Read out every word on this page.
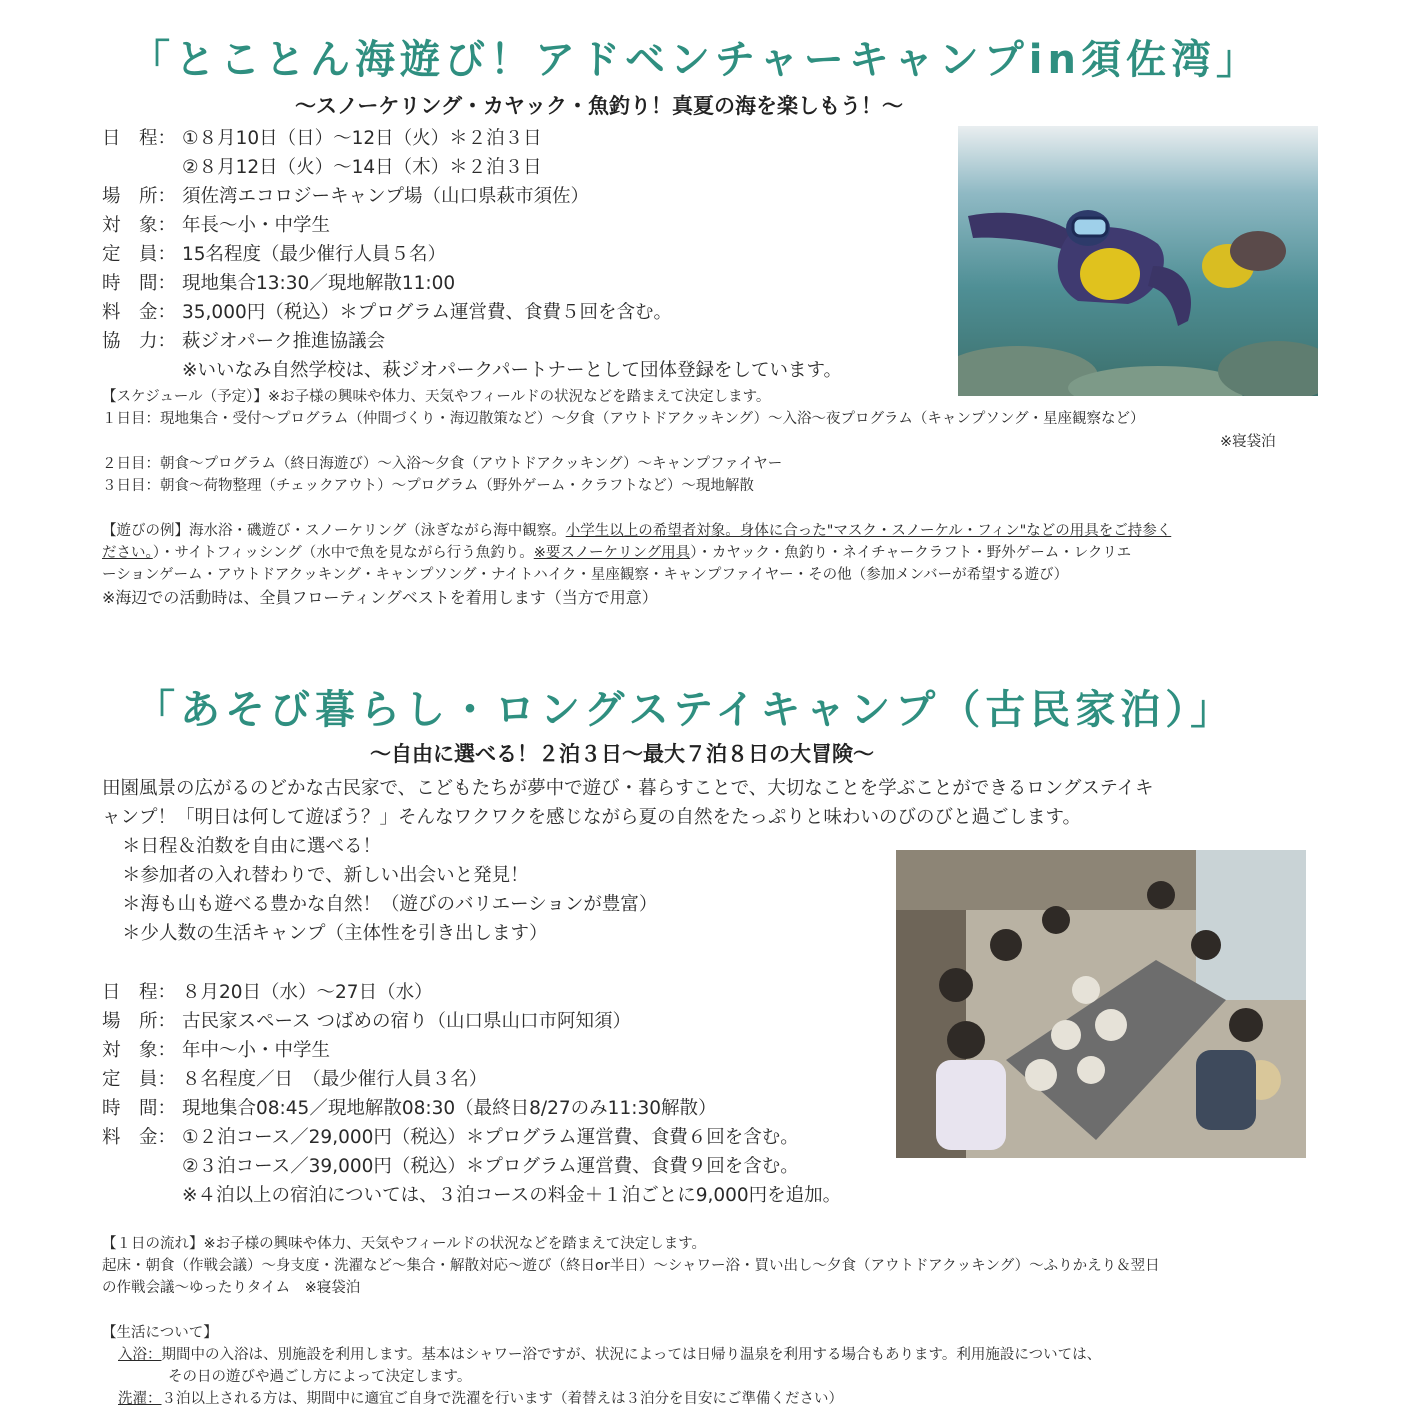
「とことん海遊び！アドベンチャーキャンプin須佐湾」
〜スノーケリング・カヤック・魚釣り！真夏の海を楽しもう！〜
日　程： ①８月10日（日）〜12日（火）＊２泊３日
②８月12日（火）〜14日（木）＊２泊３日
場　所： 須佐湾エコロジーキャンプ場（山口県萩市須佐）
対　象： 年長〜小・中学生
定　員： 15名程度（最少催行人員５名）
時　間： 現地集合13:30／現地解散11:00
料　金： 35,000円（税込）＊プログラム運営費、食費５回を含む。
協　力： 萩ジオパーク推進協議会
※いいなみ自然学校は、萩ジオパークパートナーとして団体登録をしています。
【スケジュール（予定）】※お子様の興味や体力、天気やフィールドの状況などを踏まえて決定します。
１日目：現地集合・受付〜プログラム（仲間づくり・海辺散策など）〜夕食（アウトドアクッキング）〜入浴〜夜プログラム（キャンプソング・星座観察など）
※寝袋泊
２日目：朝食〜プログラム（終日海遊び）〜入浴〜夕食（アウトドアクッキング）〜キャンプファイヤー
３日目：朝食〜荷物整理（チェックアウト）〜プログラム（野外ゲーム・クラフトなど）〜現地解散
【遊びの例】海水浴・磯遊び・スノーケリング（泳ぎながら海中観察。小学生以上の希望者対象。身体に合った"マスク・スノーケル・フィン"などの用具をご持参く
ださい。）・サイトフィッシング（水中で魚を見ながら行う魚釣り。※要スノーケリング用具）・カヤック・魚釣り・ネイチャークラフト・野外ゲーム・レクリエ
ーションゲーム・アウトドアクッキング・キャンプソング・ナイトハイク・星座観察・キャンプファイヤー・その他（参加メンバーが希望する遊び）
※海辺での活動時は、全員フローティングベストを着用します（当方で用意）
「あそび暮らし・ロングステイキャンプ（古民家泊）」
〜自由に選べる！２泊３日〜最大７泊８日の大冒険〜
田園風景の広がるのどかな古民家で、こどもたちが夢中で遊び・暮らすことで、大切なことを学ぶことができるロングステイキ
ャンプ！「明日は何して遊ぼう？」そんなワクワクを感じながら夏の自然をたっぷりと味わいのびのびと過ごします。
＊日程＆泊数を自由に選べる！
＊参加者の入れ替わりで、新しい出会いと発見！
＊海も山も遊べる豊かな自然！（遊びのバリエーションが豊富）
＊少人数の生活キャンプ（主体性を引き出します）
日　程： ８月20日（水）〜27日（水）
場　所： 古民家スペース つばめの宿り（山口県山口市阿知須）
対　象： 年中〜小・中学生
定　員： ８名程度／日　（最少催行人員３名）
時　間： 現地集合08:45／現地解散08:30（最終日8/27のみ11:30解散）
料　金： ①２泊コース／29,000円（税込）＊プログラム運営費、食費６回を含む。
②３泊コース／39,000円（税込）＊プログラム運営費、食費９回を含む。
※４泊以上の宿泊については、３泊コースの料金＋１泊ごとに9,000円を追加。
【１日の流れ】※お子様の興味や体力、天気やフィールドの状況などを踏まえて決定します。
起床・朝食（作戦会議）〜身支度・洗濯など〜集合・解散対応〜遊び（終日or半日）〜シャワー浴・買い出し〜夕食（アウトドアクッキング）〜ふりかえり＆翌日
の作戦会議〜ゆったりタイム　※寝袋泊
【生活について】
入浴：期間中の入浴は、別施設を利用します。基本はシャワー浴ですが、状況によっては日帰り温泉を利用する場合もあります。利用施設については、
その日の遊びや過ごし方によって決定します。
洗濯：３泊以上される方は、期間中に適宜ご自身で洗濯を行います（着替えは３泊分を目安にご準備ください）
